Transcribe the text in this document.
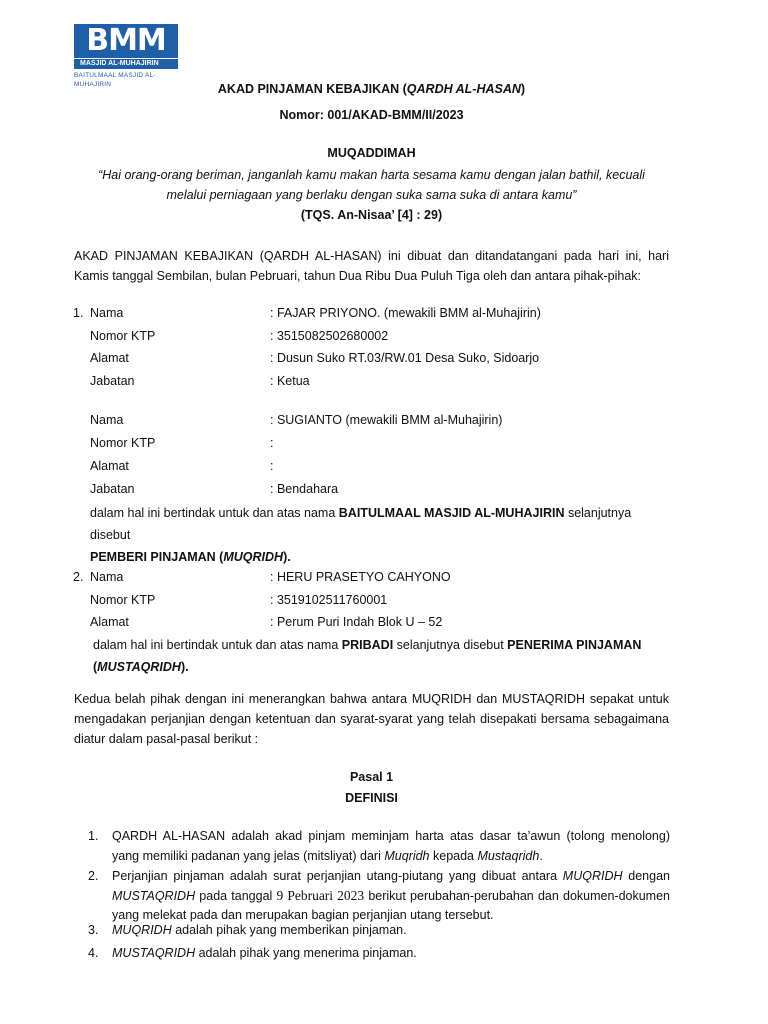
BMM
MASJID AL-MUHAJIRIN
BAITULMAAL MASJID AL-MUHAJIRIN	AKAD PINJAMAN KEBAJIKAN (QARDH AL-HASAN)
Nomor: 001/AKAD-BMM/II/2023
MUQADDIMAH
“Hai orang-orang beriman, janganlah kamu makan harta sesama kamu dengan jalan bathil, kecuali
melalui perniagaan yang berlaku dengan suka sama suka di antara kamu”
(TQS. An-Nisaa’ [4] : 29)
AKAD PINJAMAN KEBAJIKAN (QARDH AL-HASAN) ini dibuat dan ditandatangani pada hari ini, hari Kamis tanggal Sembilan, bulan Pebruari, tahun Dua Ribu Dua Puluh Tiga oleh dan antara pihak-pihak:
1. Nama	: FAJAR PRIYONO. (mewakili BMM al-Muhajirin)
Nomor KTP	: 3515082502680002
Alamat	: Dusun Suko RT.03/RW.01 Desa Suko, Sidoarjo
Jabatan	: Ketua
Nama	: SUGIANTO (mewakili BMM al-Muhajirin)
Nomor KTP	:
Alamat	:
Jabatan	: Bendahara
dalam hal ini bertindak untuk dan atas nama BAITULMAAL MASJID AL-MUHAJIRIN selanjutnya disebut
PEMBERI PINJAMAN (MUQRIDH).
2. Nama	: HERU PRASETYO CAHYONO
Nomor KTP	: 3519102511760001
Alamat	: Perum Puri Indah Blok U – 52
dalam hal ini bertindak untuk dan atas nama PRIBADI selanjutnya disebut PENERIMA PINJAMAN
(MUSTAQRIDH).
Kedua belah pihak dengan ini menerangkan bahwa antara MUQRIDH dan MUSTAQRIDH sepakat untuk mengadakan perjanjian dengan ketentuan dan syarat-syarat yang telah disepakati bersama sebagaimana diatur dalam pasal-pasal berikut :
Pasal 1
DEFINISI
1. QARDH AL-HASAN adalah akad pinjam meminjam harta atas dasar ta’awun (tolong menolong) yang memiliki padanan yang jelas (mitsliyat) dari Muqridh kepada Mustaqridh.
2. Perjanjian pinjaman adalah surat perjanjian utang-piutang yang dibuat antara MUQRIDH dengan MUSTAQRIDH pada tanggal 9 Pebruari 2023 berikut perubahan-perubahan dan dokumen-dokumen yang melekat pada dan merupakan bagian perjanjian utang tersebut.
3. MUQRIDH adalah pihak yang memberikan pinjaman.
4. MUSTAQRIDH adalah pihak yang menerima pinjaman.
